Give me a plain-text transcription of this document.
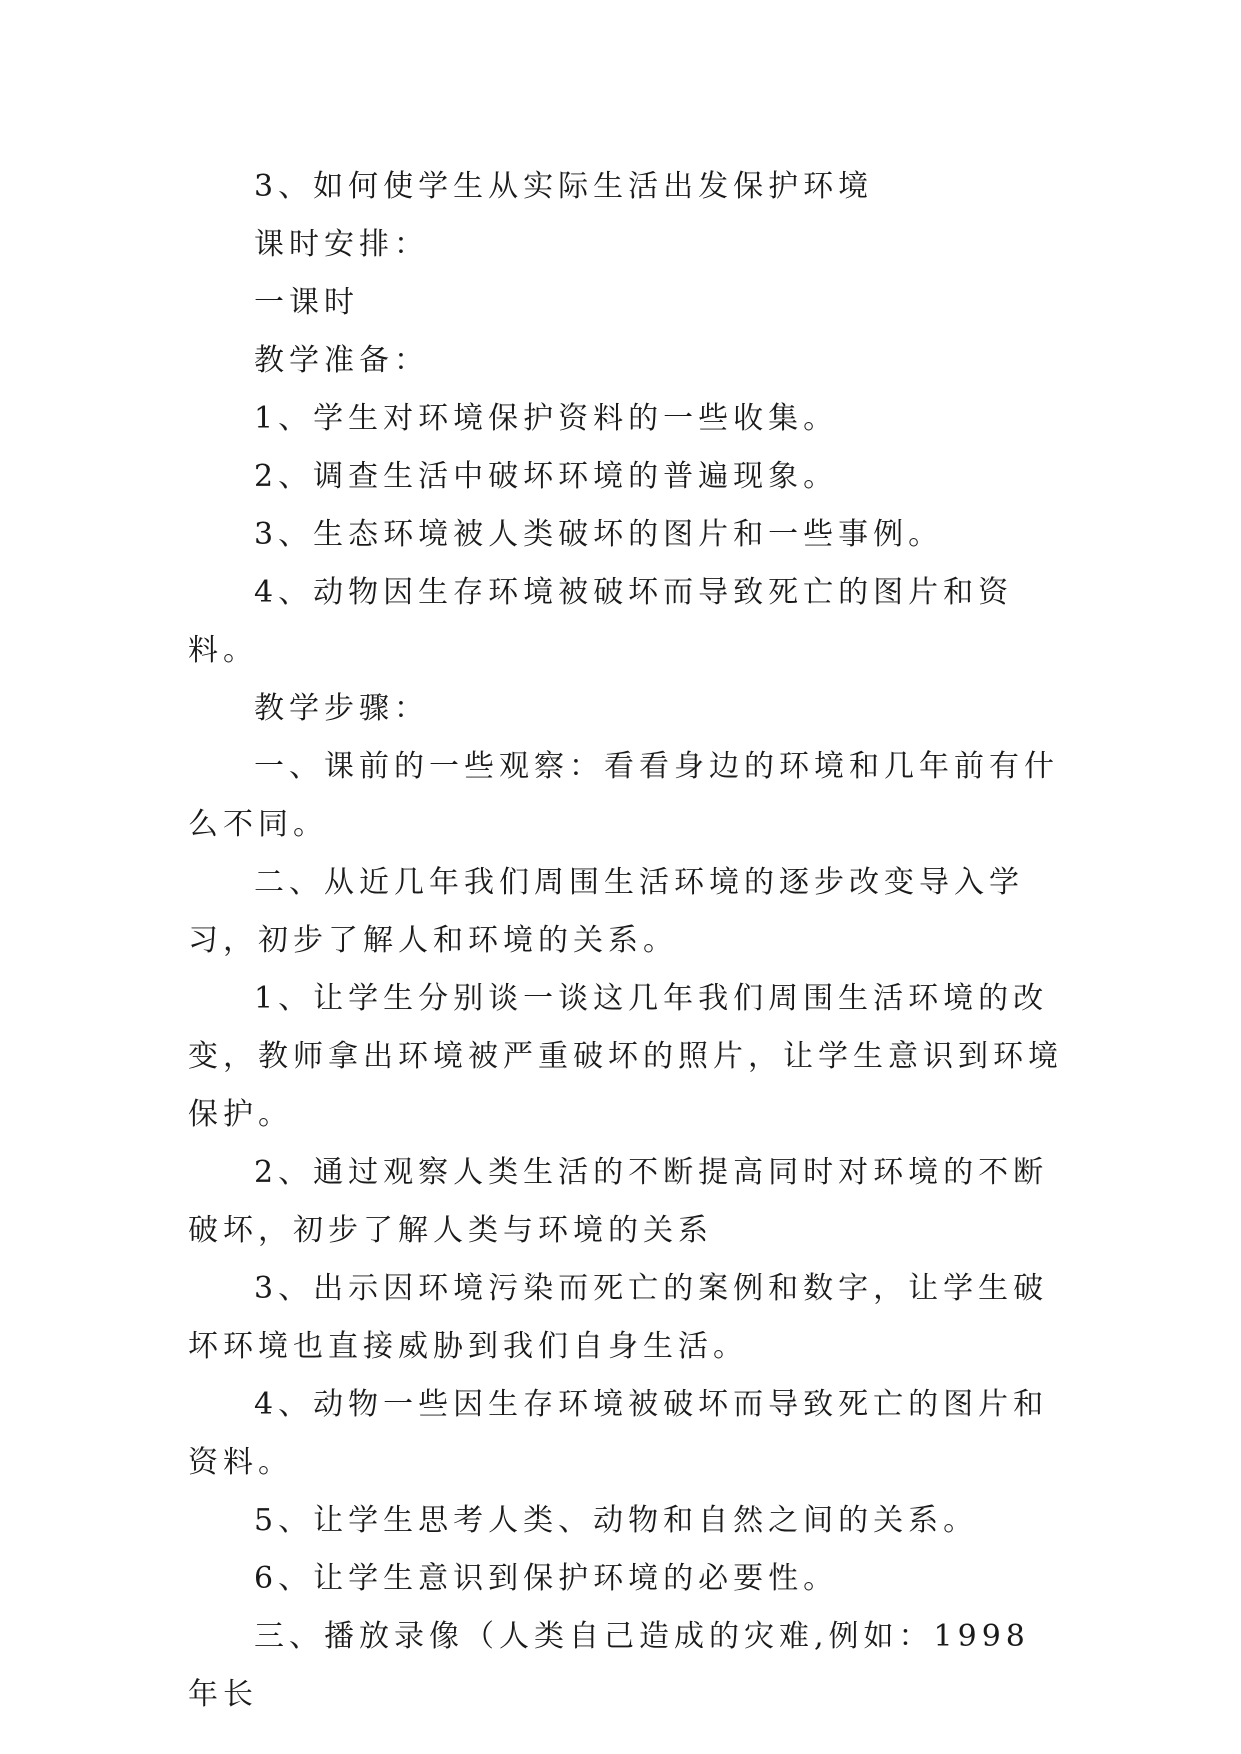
3、如何使学生从实际生活出发保护环境

课时安排：

一课时

教学准备：

1、学生对环境保护资料的一些收集。

2、调查生活中破坏环境的普遍现象。

3、生态环境被人类破坏的图片和一些事例。

4、动物因生存环境被破坏而导致死亡的图片和资料。

教学步骤：

一、课前的一些观察：看看身边的环境和几年前有什么不同。

二、从近几年我们周围生活环境的逐步改变导入学习，初步了解人和环境的关系。

1、让学生分别谈一谈这几年我们周围生活环境的改变，教师拿出环境被严重破坏的照片，让学生意识到环境保护。

2、通过观察人类生活的不断提高同时对环境的不断破坏，初步了解人类与环境的关系

3、出示因环境污染而死亡的案例和数字，让学生破坏环境也直接威胁到我们自身生活。

4、动物一些因生存环境被破坏而导致死亡的图片和资料。

5、让学生思考人类、动物和自然之间的关系。

6、让学生意识到保护环境的必要性。

三、播放录像（人类自己造成的灾难,例如：1998 年长
